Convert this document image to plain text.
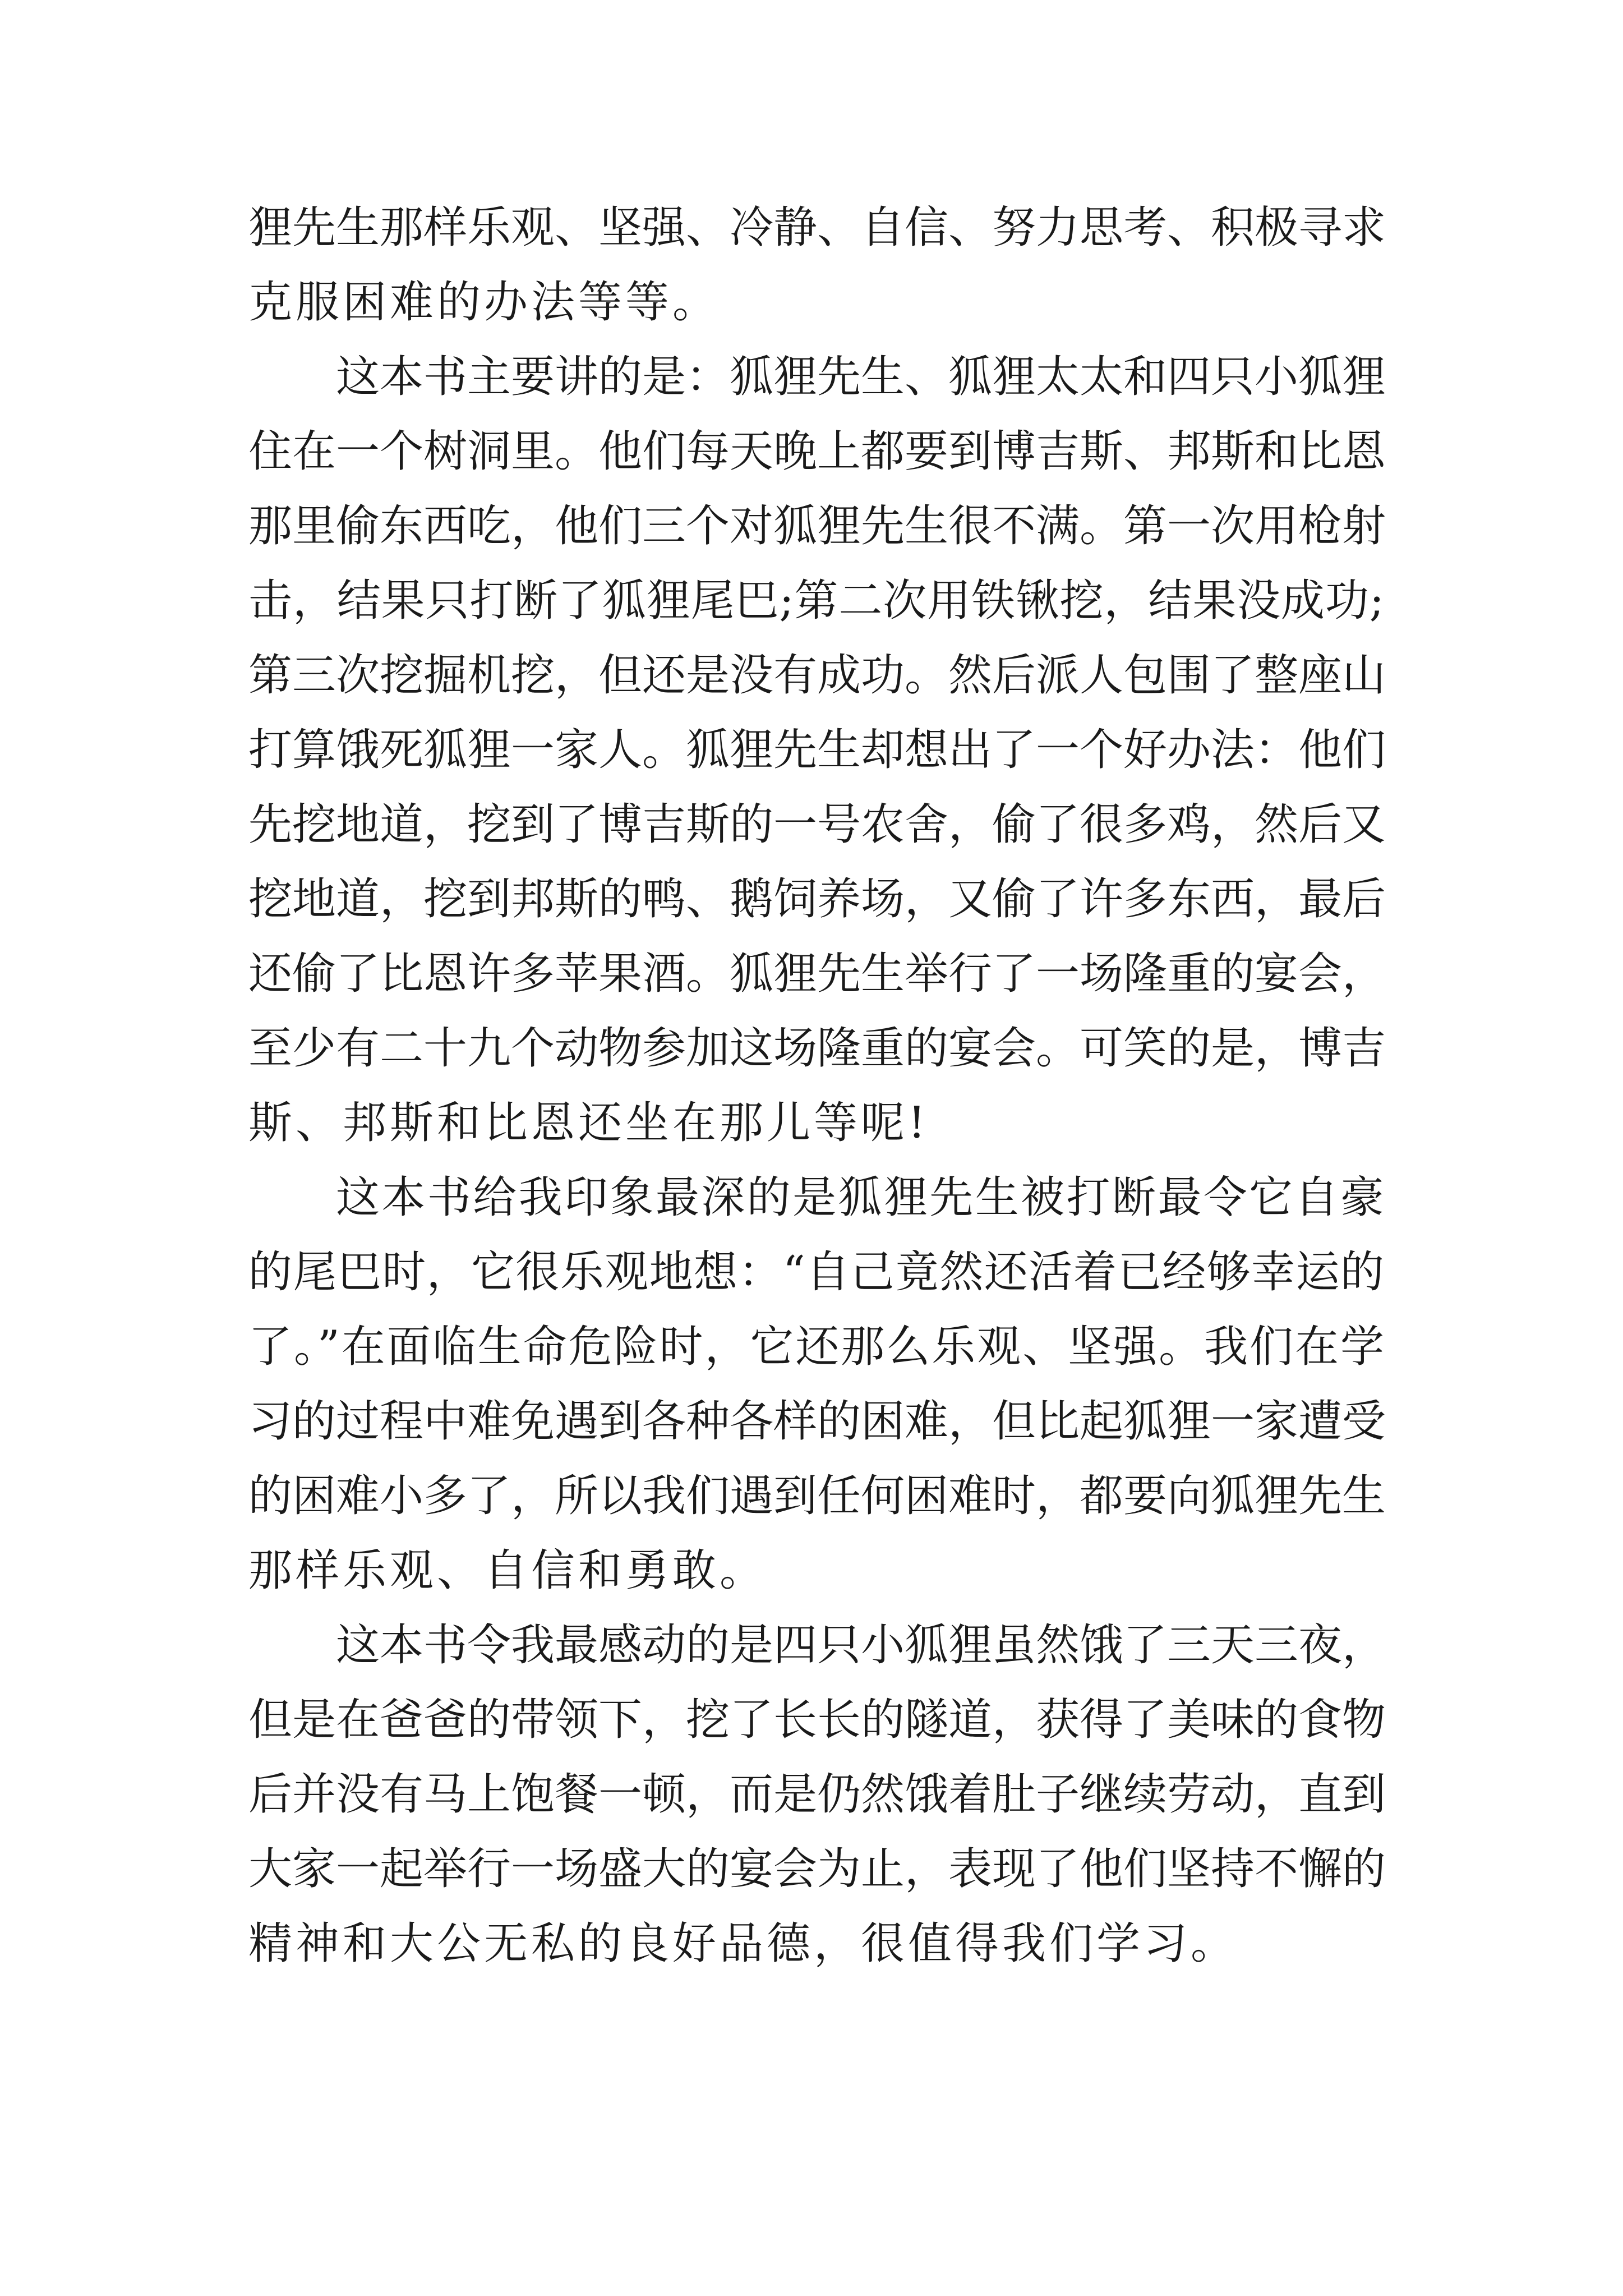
狸先生那样乐观、坚强、冷静、自信、努力思考、积极寻求
克服困难的办法等等。
这本书主要讲的是：狐狸先生、狐狸太太和四只小狐狸
住在一个树洞里。他们每天晚上都要到博吉斯、邦斯和比恩
那里偷东西吃，他们三个对狐狸先生很不满。第一次用枪射
击，结果只打断了狐狸尾巴;第二次用铁锹挖，结果没成功;
第三次挖掘机挖，但还是没有成功。然后派人包围了整座山
打算饿死狐狸一家人。狐狸先生却想出了一个好办法：他们
先挖地道，挖到了博吉斯的一号农舍，偷了很多鸡，然后又
挖地道，挖到邦斯的鸭、鹅饲养场，又偷了许多东西，最后
还偷了比恩许多苹果酒。狐狸先生举行了一场隆重的宴会，
至少有二十九个动物参加这场隆重的宴会。可笑的是，博吉
斯、邦斯和比恩还坐在那儿等呢!
这本书给我印象最深的是狐狸先生被打断最令它自豪
的尾巴时，它很乐观地想：“自己竟然还活着已经够幸运的
了。”在面临生命危险时，它还那么乐观、坚强。我们在学
习的过程中难免遇到各种各样的困难，但比起狐狸一家遭受
的困难小多了，所以我们遇到任何困难时，都要向狐狸先生
那样乐观、自信和勇敢。
这本书令我最感动的是四只小狐狸虽然饿了三天三夜，
但是在爸爸的带领下，挖了长长的隧道，获得了美味的食物
后并没有马上饱餐一顿，而是仍然饿着肚子继续劳动，直到
大家一起举行一场盛大的宴会为止，表现了他们坚持不懈的
精神和大公无私的良好品德，很值得我们学习。
